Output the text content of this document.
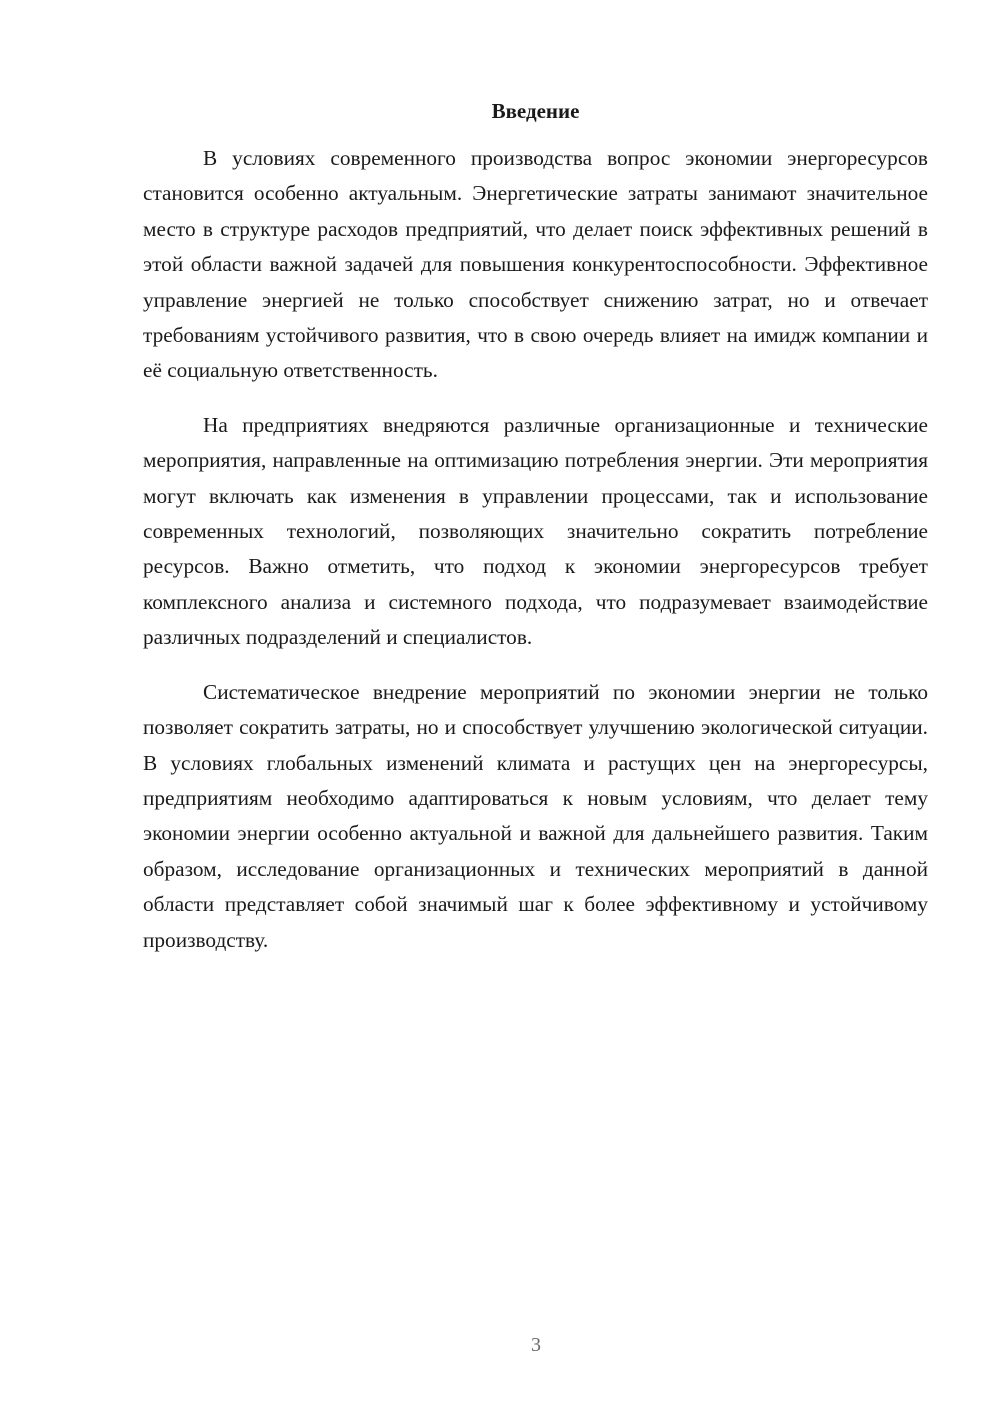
Введение

В условиях современного производства вопрос экономии энергоресурсов становится особенно актуальным. Энергетические затраты занимают значительное место в структуре расходов предприятий, что делает поиск эффективных решений в этой области важной задачей для повышения конкурентоспособности. Эффективное управление энергией не только способствует снижению затрат, но и отвечает требованиям устойчивого развития, что в свою очередь влияет на имидж компании и её социальную ответственность.

На предприятиях внедряются различные организационные и технические мероприятия, направленные на оптимизацию потребления энергии. Эти мероприятия могут включать как изменения в управлении процессами, так и использование современных технологий, позволяющих значительно сократить потребление ресурсов. Важно отметить, что подход к экономии энергоресурсов требует комплексного анализа и системного подхода, что подразумевает взаимодействие различных подразделений и специалистов.

Систематическое внедрение мероприятий по экономии энергии не только позволяет сократить затраты, но и способствует улучшению экологической ситуации. В условиях глобальных изменений климата и растущих цен на энергоресурсы, предприятиям необходимо адаптироваться к новым условиям, что делает тему экономии энергии особенно актуальной и важной для дальнейшего развития. Таким образом, исследование организационных и технических мероприятий в данной области представляет собой значимый шаг к более эффективному и устойчивому производству.

3
